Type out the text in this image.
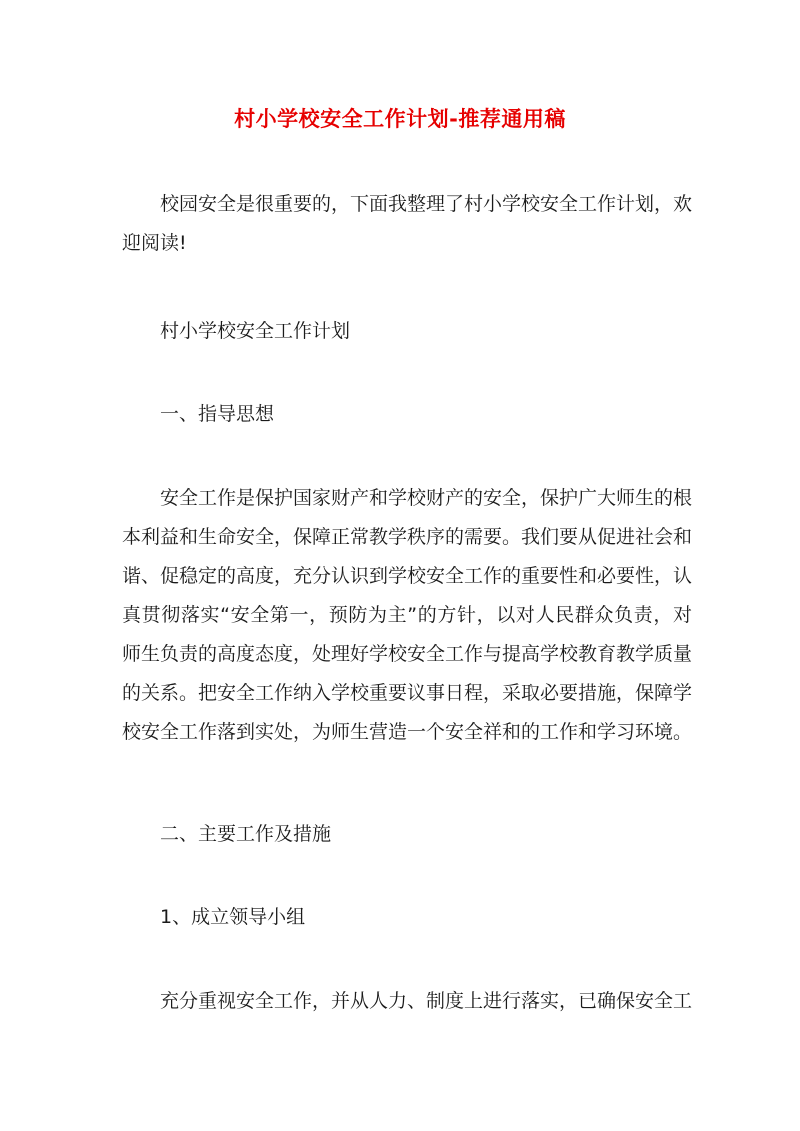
村小学校安全工作计划-推荐通用稿
校园安全是很重要的，下面我整理了村小学校安全工作计划，欢迎阅读!
村小学校安全工作计划
一、指导思想
安全工作是保护国家财产和学校财产的安全，保护广大师生的根本利益和生命安全，保障正常教学秩序的需要。我们要从促进社会和谐、促稳定的高度，充分认识到学校安全工作的重要性和必要性，认真贯彻落实“安全第一，预防为主”的方针，以对人民群众负责，对师生负责的高度态度，处理好学校安全工作与提高学校教育教学质量的关系。把安全工作纳入学校重要议事日程，采取必要措施，保障学校安全工作落到实处，为师生营造一个安全祥和的工作和学习环境。
二、主要工作及措施
1、成立领导小组
充分重视安全工作，并从人力、制度上进行落实，已确保安全工
